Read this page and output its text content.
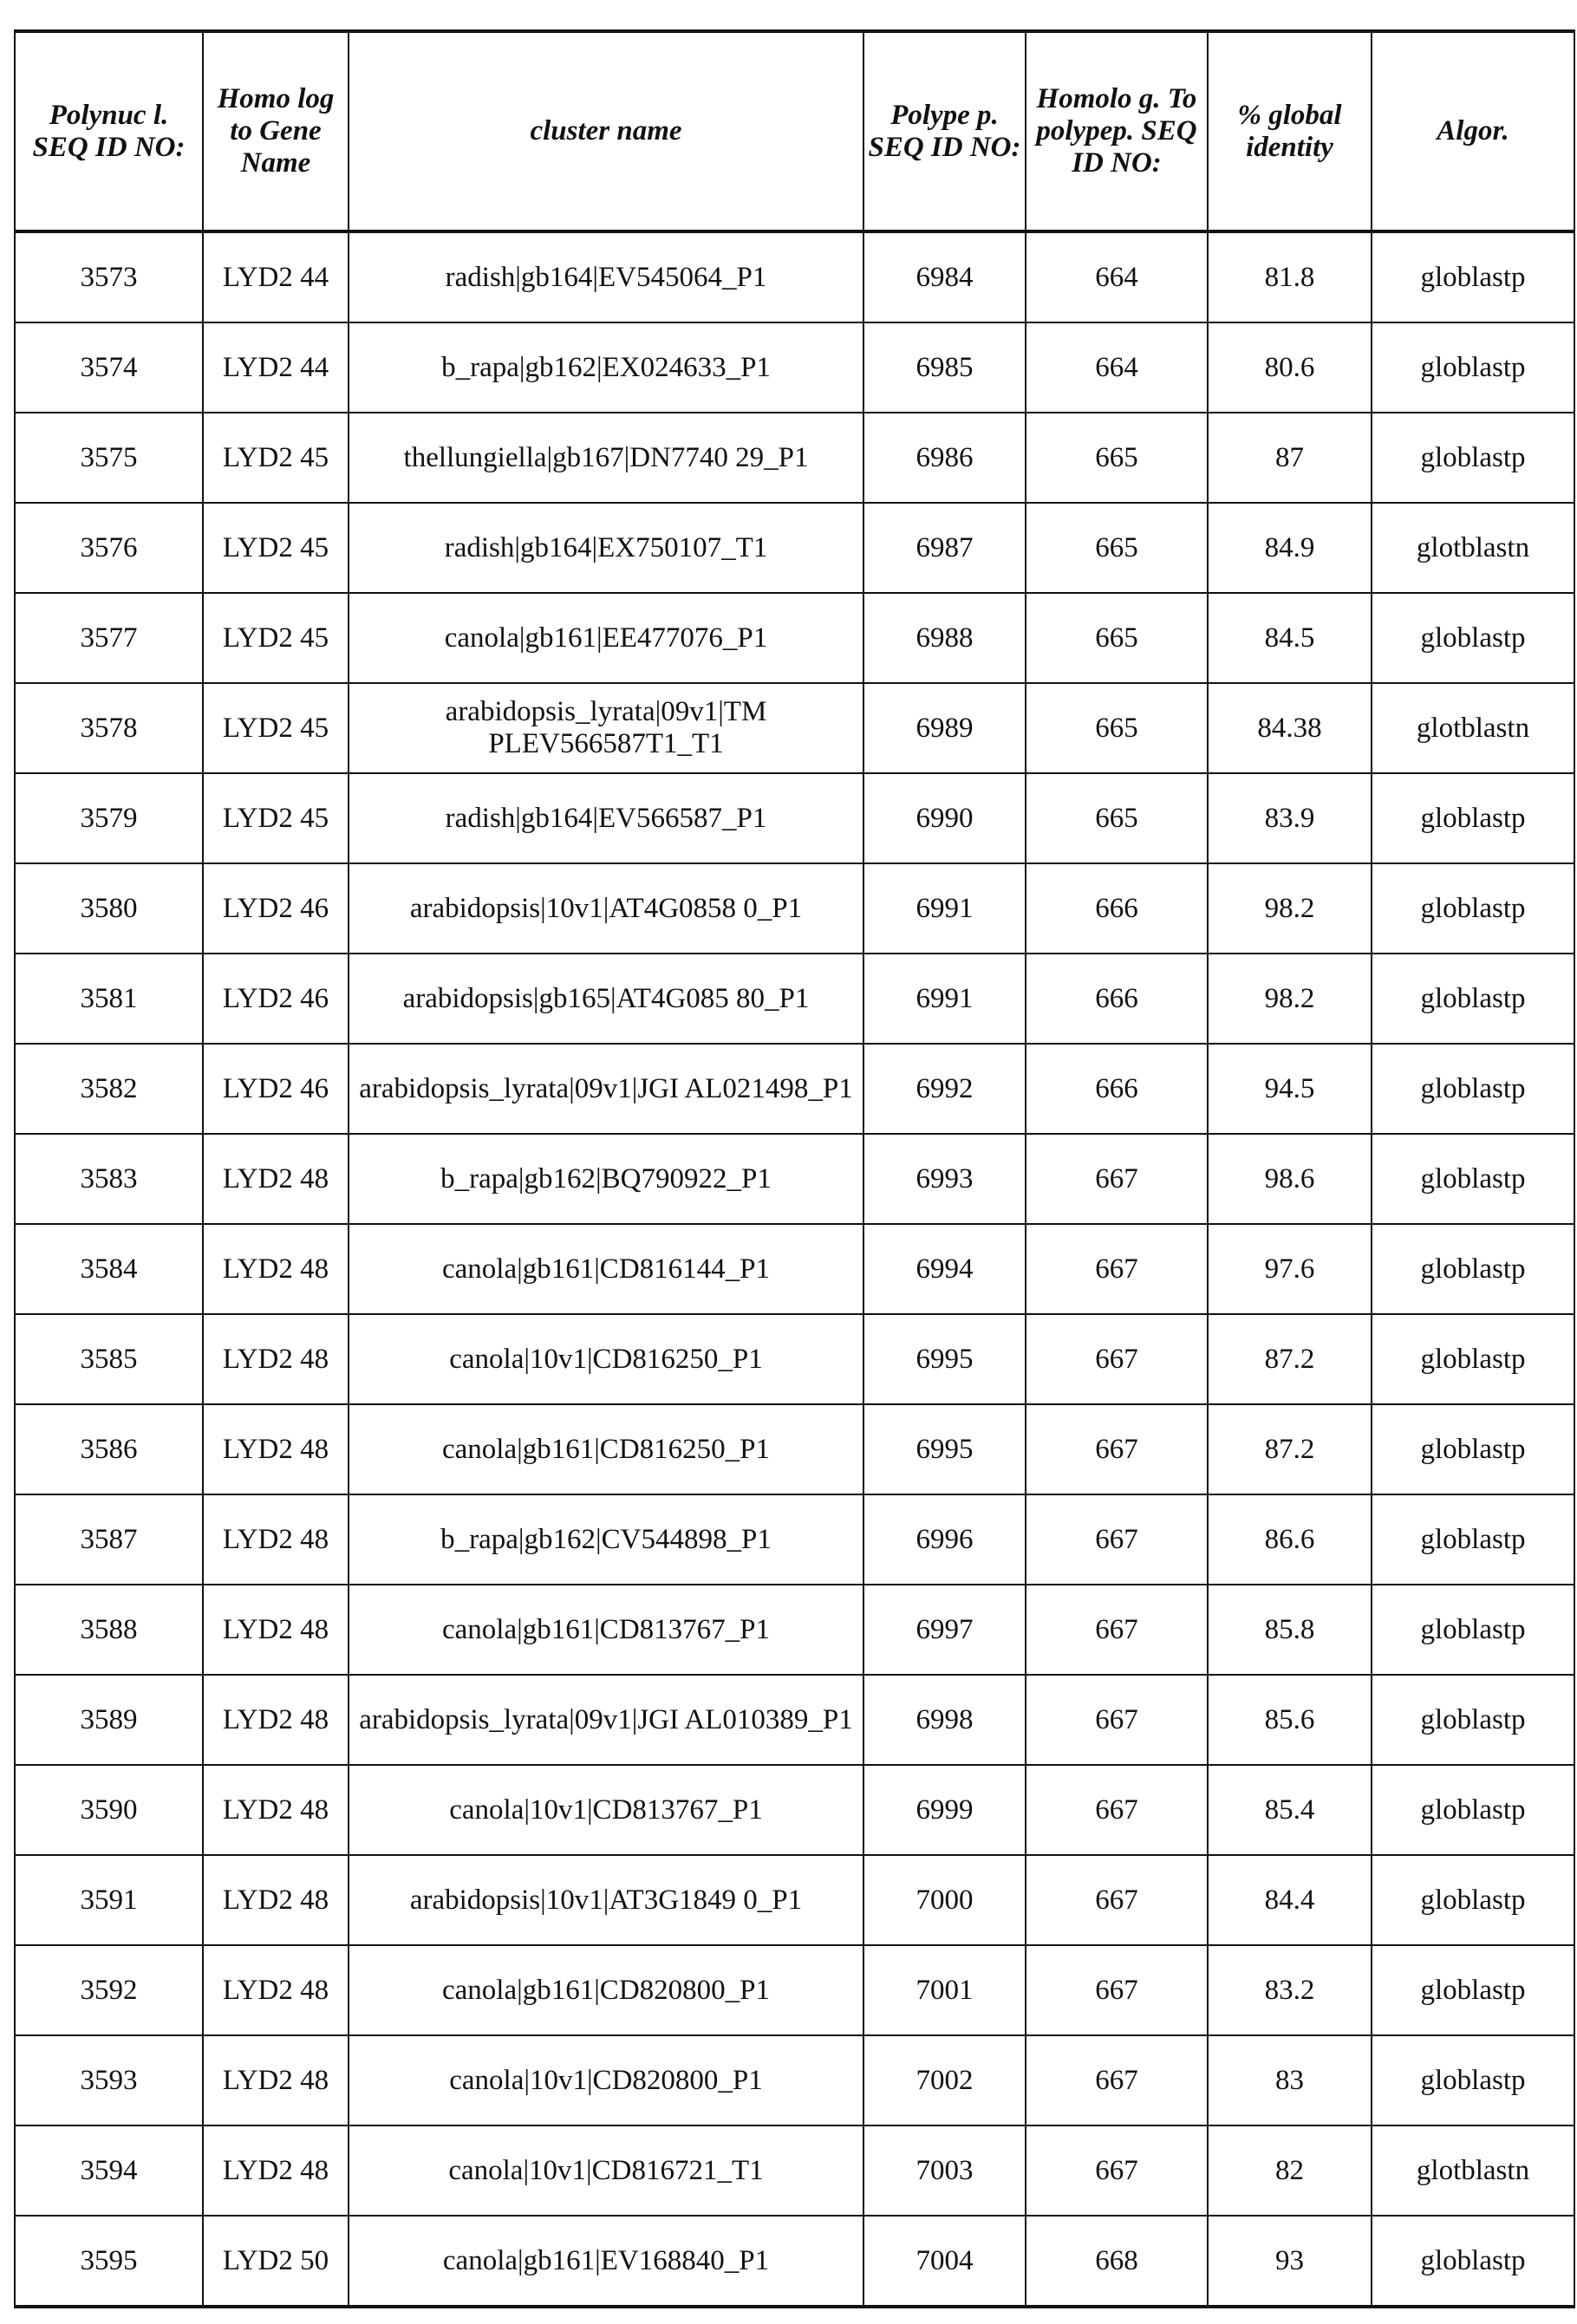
Polynuc l. SEQ ID NO:	Homo log to Gene Name	cluster name	Polype p. SEQ ID NO:	Homolo g. To polypep. SEQ ID NO:	% global identity	Algor.
3573	LYD2 44	radish|gb164|EV545064_P1	6984	664	81.8	globlastp
3574	LYD2 44	b_rapa|gb162|EX024633_P1	6985	664	80.6	globlastp
3575	LYD2 45	thellungiella|gb167|DN7740 29_P1	6986	665	87	globlastp
3576	LYD2 45	radish|gb164|EX750107_T1	6987	665	84.9	glotblastn
3577	LYD2 45	canola|gb161|EE477076_P1	6988	665	84.5	globlastp
3578	LYD2 45	arabidopsis_lyrata|09v1|TM PLEV566587T1_T1	6989	665	84.38	glotblastn
3579	LYD2 45	radish|gb164|EV566587_P1	6990	665	83.9	globlastp
3580	LYD2 46	arabidopsis|10v1|AT4G0858 0_P1	6991	666	98.2	globlastp
3581	LYD2 46	arabidopsis|gb165|AT4G085 80_P1	6991	666	98.2	globlastp
3582	LYD2 46	arabidopsis_lyrata|09v1|JGI AL021498_P1	6992	666	94.5	globlastp
3583	LYD2 48	b_rapa|gb162|BQ790922_P1	6993	667	98.6	globlastp
3584	LYD2 48	canola|gb161|CD816144_P1	6994	667	97.6	globlastp
3585	LYD2 48	canola|10v1|CD816250_P1	6995	667	87.2	globlastp
3586	LYD2 48	canola|gb161|CD816250_P1	6995	667	87.2	globlastp
3587	LYD2 48	b_rapa|gb162|CV544898_P1	6996	667	86.6	globlastp
3588	LYD2 48	canola|gb161|CD813767_P1	6997	667	85.8	globlastp
3589	LYD2 48	arabidopsis_lyrata|09v1|JGI AL010389_P1	6998	667	85.6	globlastp
3590	LYD2 48	canola|10v1|CD813767_P1	6999	667	85.4	globlastp
3591	LYD2 48	arabidopsis|10v1|AT3G1849 0_P1	7000	667	84.4	globlastp
3592	LYD2 48	canola|gb161|CD820800_P1	7001	667	83.2	globlastp
3593	LYD2 48	canola|10v1|CD820800_P1	7002	667	83	globlastp
3594	LYD2 48	canola|10v1|CD816721_T1	7003	667	82	glotblastn
3595	LYD2 50	canola|gb161|EV168840_P1	7004	668	93	globlastp
